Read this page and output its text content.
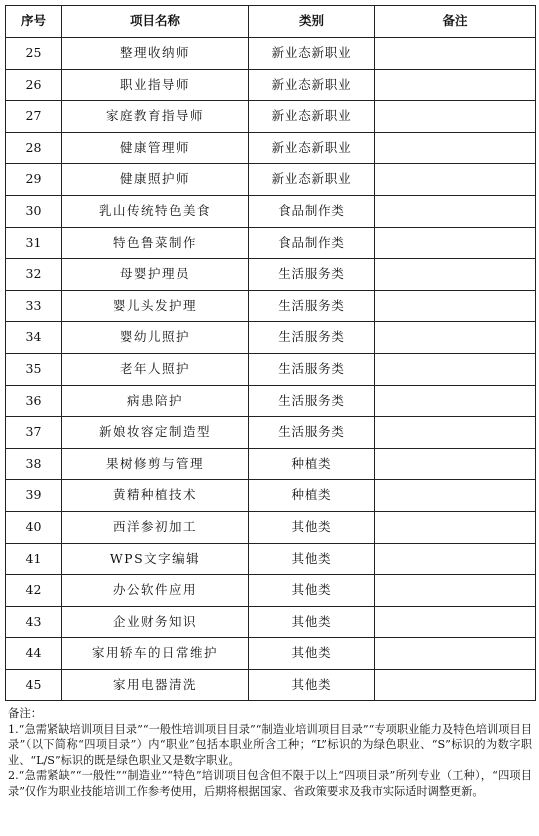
序号	项目名称	类别	备注
25	整理收纳师	新业态新职业	
26	职业指导师	新业态新职业	
27	家庭教育指导师	新业态新职业	
28	健康管理师	新业态新职业	
29	健康照护师	新业态新职业	
30	乳山传统特色美食	食品制作类	
31	特色鲁菜制作	食品制作类	
32	母婴护理员	生活服务类	
33	婴儿头发护理	生活服务类	
34	婴幼儿照护	生活服务类	
35	老年人照护	生活服务类	
36	病患陪护	生活服务类	
37	新娘妆容定制造型	生活服务类	
38	果树修剪与管理	种植类	
39	黄精种植技术	种植类	
40	西洋参初加工	其他类	
41	WPS文字编辑	其他类	
42	办公软件应用	其他类	
43	企业财务知识	其他类	
44	家用轿车的日常维护	其他类	
45	家用电器清洗	其他类	

备注：

1.“急需紧缺培训项目目录”“一般性培训项目目录”“制造业培训项目目录”“专项职业能力及特色培训项目目录”（以下简称“四项目录”）内“职业”包括本职业所含工种；“L”标识的为绿色职业、“S”标识的为数字职业、“L/S”标识的既是绿色职业又是数字职业。

2.“急需紧缺”“一般性”“制造业”“特色”培训项目包含但不限于以上“四项目录”所列专业（工种），“四项目录”仅作为职业技能培训工作参考使用，后期将根据国家、省政策要求及我市实际适时调整更新。
